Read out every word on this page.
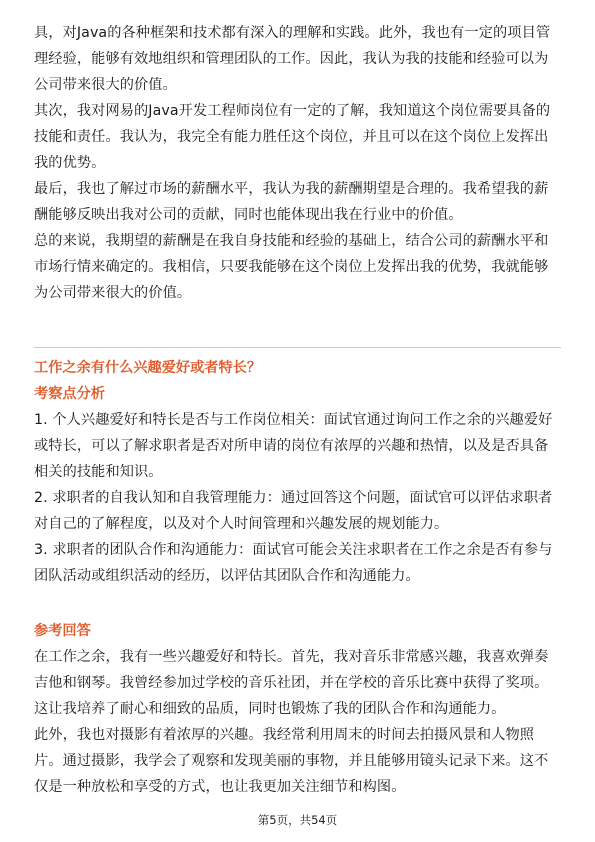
具，对Java的各种框架和技术都有深入的理解和实践。此外，我也有一定的项目管理经验，能够有效地组织和管理团队的工作。因此，我认为我的技能和经验可以为公司带来很大的价值。

其次，我对网易的Java开发工程师岗位有一定的了解，我知道这个岗位需要具备的技能和责任。我认为，我完全有能力胜任这个岗位，并且可以在这个岗位上发挥出我的优势。

最后，我也了解过市场的薪酬水平，我认为我的薪酬期望是合理的。我希望我的薪酬能够反映出我对公司的贡献，同时也能体现出我在行业中的价值。

总的来说，我期望的薪酬是在我自身技能和经验的基础上，结合公司的薪酬水平和市场行情来确定的。我相信，只要我能够在这个岗位上发挥出我的优势，我就能够为公司带来很大的价值。

工作之余有什么兴趣爱好或者特长？

考察点分析

1. 个人兴趣爱好和特长是否与工作岗位相关：面试官通过询问工作之余的兴趣爱好或特长，可以了解求职者是否对所申请的岗位有浓厚的兴趣和热情，以及是否具备相关的技能和知识。

2. 求职者的自我认知和自我管理能力：通过回答这个问题，面试官可以评估求职者对自己的了解程度，以及对个人时间管理和兴趣发展的规划能力。

3. 求职者的团队合作和沟通能力：面试官可能会关注求职者在工作之余是否有参与团队活动或组织活动的经历，以评估其团队合作和沟通能力。

参考回答

在工作之余，我有一些兴趣爱好和特长。首先，我对音乐非常感兴趣，我喜欢弹奏吉他和钢琴。我曾经参加过学校的音乐社团，并在学校的音乐比赛中获得了奖项。这让我培养了耐心和细致的品质，同时也锻炼了我的团队合作和沟通能力。

此外，我也对摄影有着浓厚的兴趣。我经常利用周末的时间去拍摄风景和人物照片。通过摄影，我学会了观察和发现美丽的事物，并且能够用镜头记录下来。这不仅是一种放松和享受的方式，也让我更加关注细节和构图。

第5页，共54页
